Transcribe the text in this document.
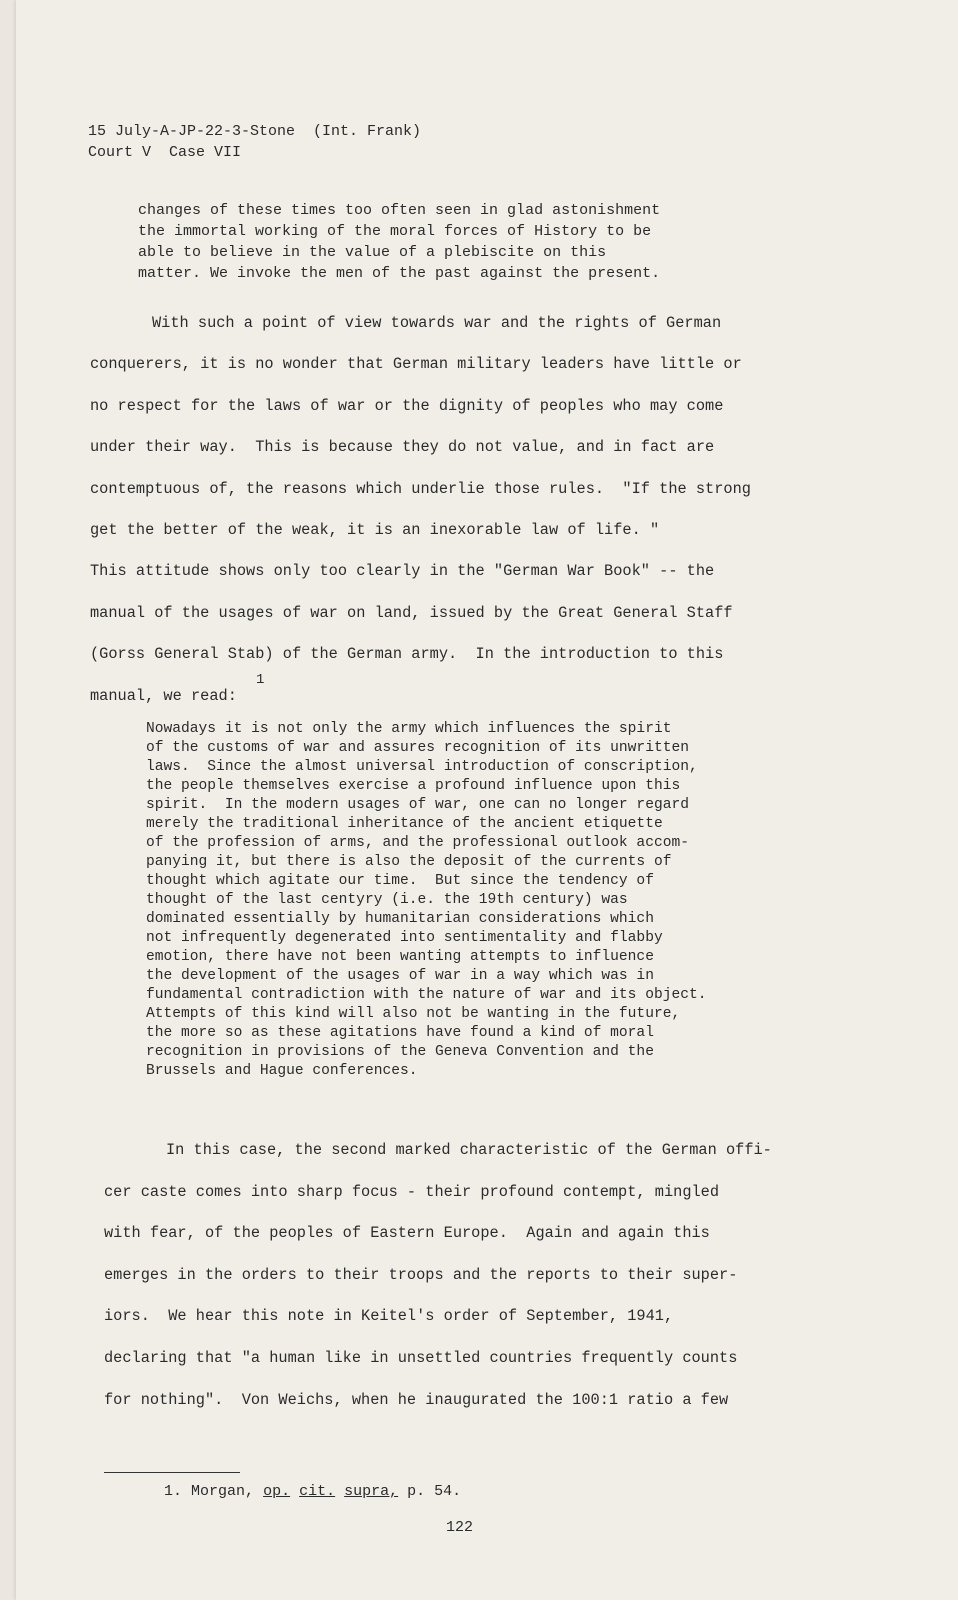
15 July-A-JP-22-3-Stone  (Int. Frank)
Court V  Case VII
changes of these times too often seen in glad astonishment
the immortal working of the moral forces of History to be
able to believe in the value of a plebiscite on this
matter. We invoke the men of the past against the present.
With such a point of view towards war and the rights of German
conquerers, it is no wonder that German military leaders have little or
no respect for the laws of war or the dignity of peoples who may come
under their way.  This is because they do not value, and in fact are
contemptuous of, the reasons which underlie those rules.  "If the strong
get the better of the weak, it is an inexorable law of life. "
This attitude shows only too clearly in the "German War Book" -- the
manual of the usages of war on land, issued by the Great General Staff
(Gorss General Stab) of the German army.  In the introduction to this
manual, we read:
1
Nowadays it is not only the army which influences the spirit
of the customs of war and assures recognition of its unwritten
laws.  Since the almost universal introduction of conscription,
the people themselves exercise a profound influence upon this
spirit.  In the modern usages of war, one can no longer regard
merely the traditional inheritance of the ancient etiquette
of the profession of arms, and the professional outlook accom-
panying it, but there is also the deposit of the currents of
thought which agitate our time.  But since the tendency of
thought of the last centyry (i.e. the 19th century) was
dominated essentially by humanitarian considerations which
not infrequently degenerated into sentimentality and flabby
emotion, there have not been wanting attempts to influence
the development of the usages of war in a way which was in
fundamental contradiction with the nature of war and its object.
Attempts of this kind will also not be wanting in the future,
the more so as these agitations have found a kind of moral
recognition in provisions of the Geneva Convention and the
Brussels and Hague conferences.
In this case, the second marked characteristic of the German offi-
cer caste comes into sharp focus - their profound contempt, mingled
with fear, of the peoples of Eastern Europe.  Again and again this
emerges in the orders to their troops and the reports to their super-
iors.  We hear this note in Keitel's order of September, 1941,
declaring that "a human like in unsettled countries frequently counts
for nothing".  Von Weichs, when he inaugurated the 100:1 ratio a few
1. Morgan, op. cit. supra, p. 54.
122
